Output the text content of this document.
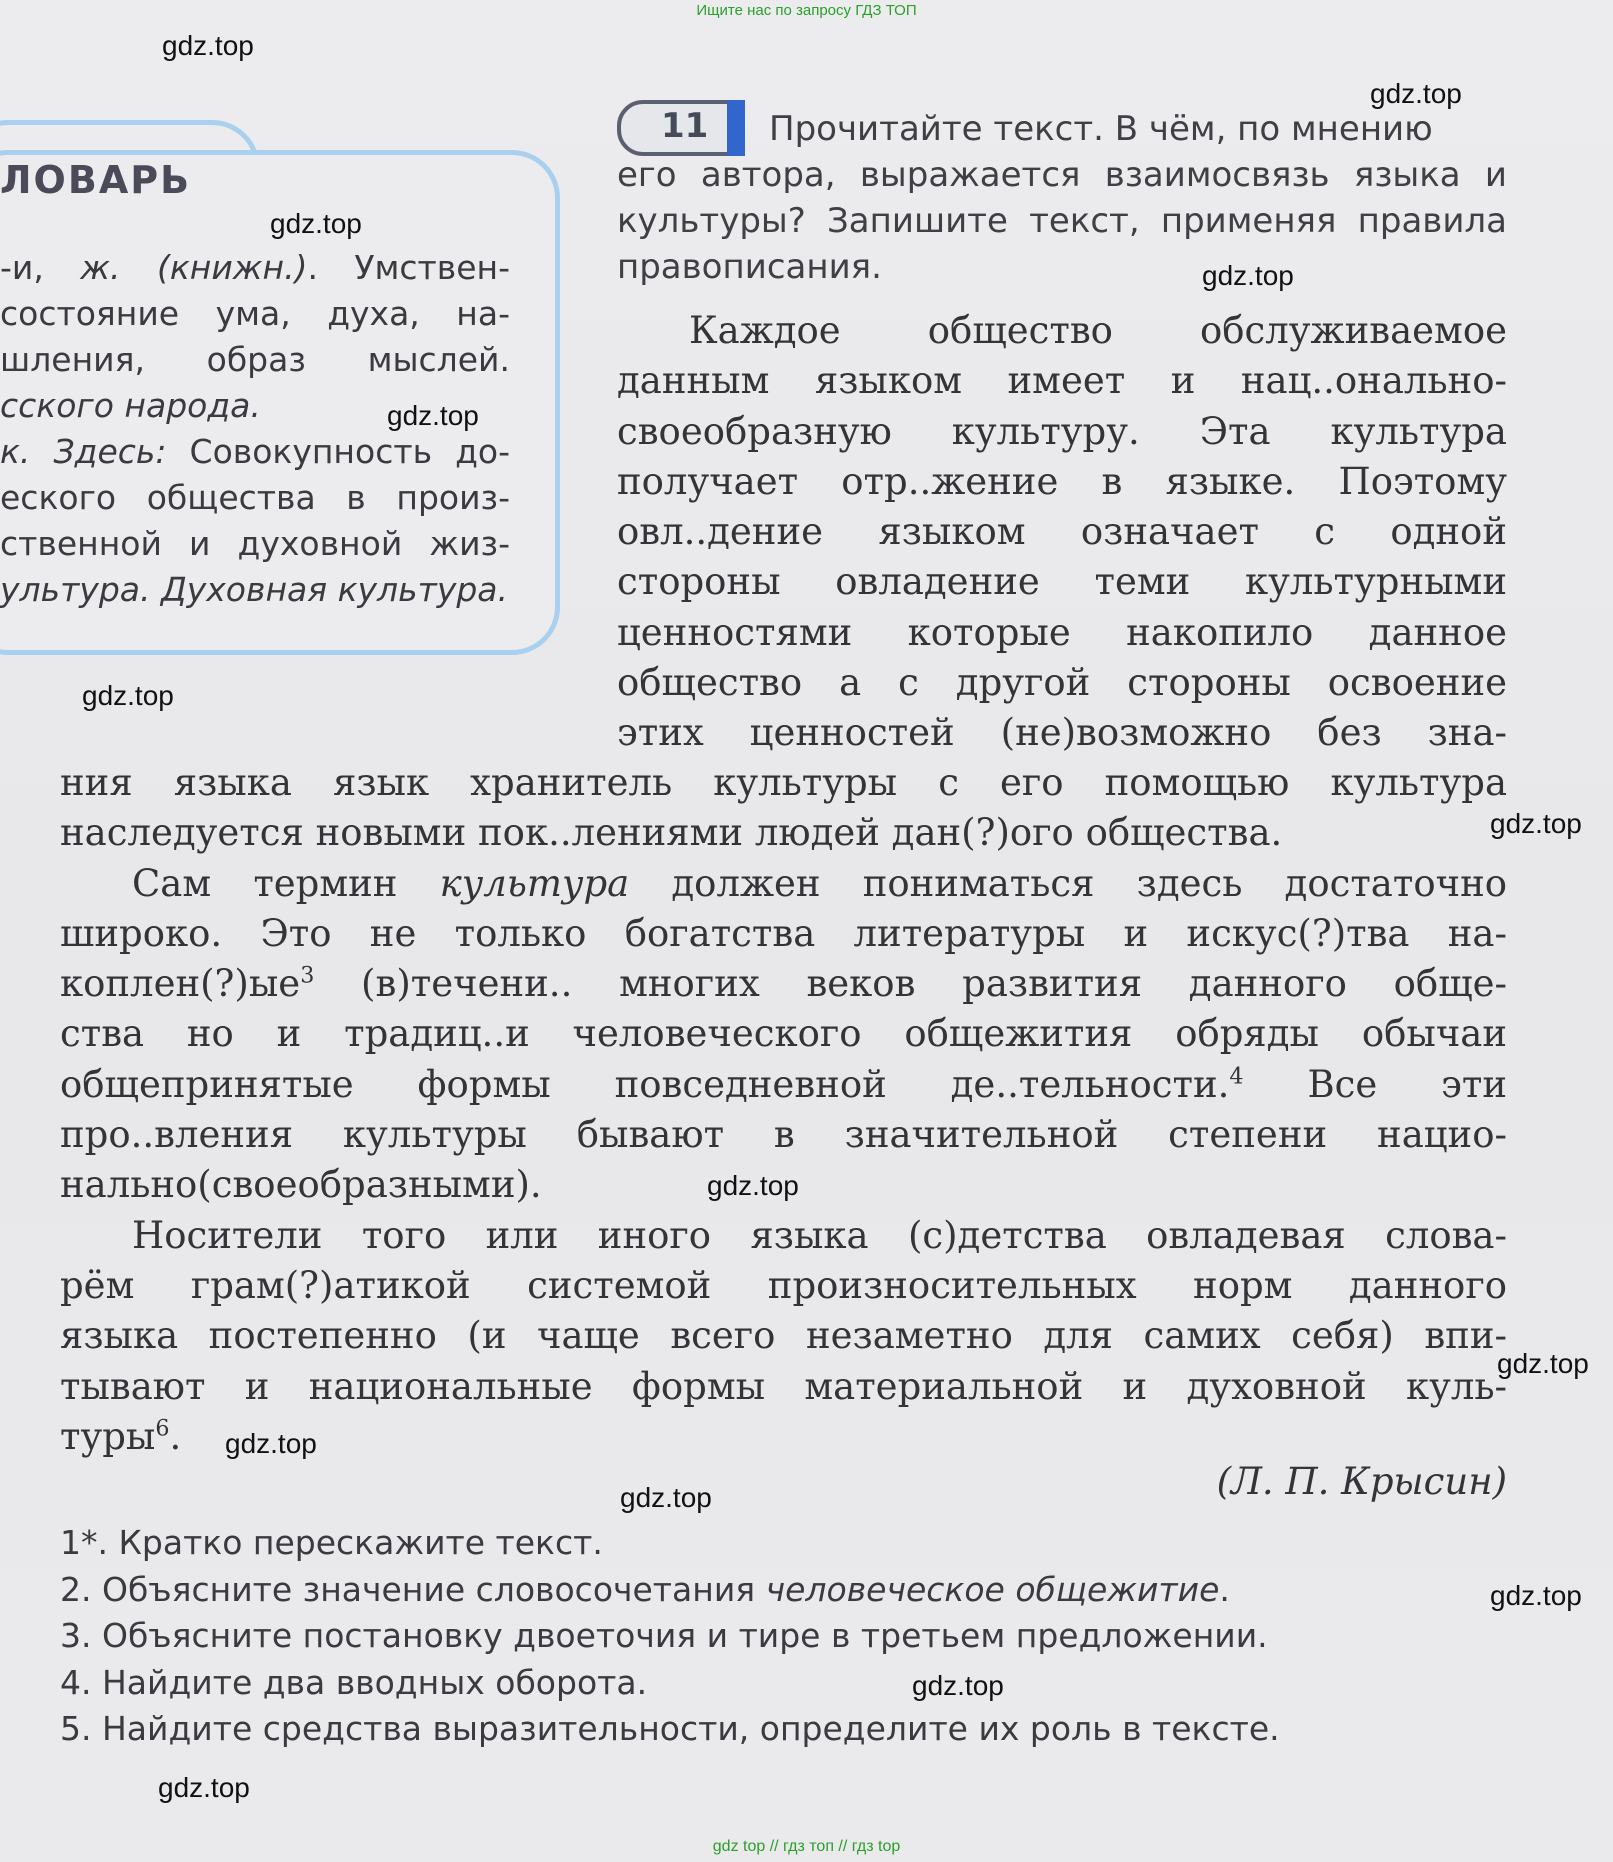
Ищите нас по запросу ГДЗ ТОП
ЛОВАРЬ
-и, ж. (книжн.). Умствен-
состояние ума, духа, на-
шления, образ мыслей.
сского народа.
к. Здесь: Совокупность до-
еского общества в произ-
ственной и духовной жиз-
ультура. Духовная культура.
11	Прочитайте текст. В чём, по мнению
его автора, выражается взаимосвязь языка и
культуры? Запишите текст, применяя правила
правописания.
Каждое общество обслуживаемое
данным языком имеет и нац..онально-
своеобразную культуру. Эта культура
получает отр..жение в языке. Поэтому
овл..дение языком означает с одной
стороны овладение теми культурными
ценностями которые накопило данное
общество а с другой стороны освоение
этих ценностей (не)возможно без зна-
ния языка язык хранитель культуры с его помощью культура
наследуется новыми пок..лениями людей дан(?)ого общества.
Сам термин культура должен пониматься здесь достаточно
широко. Это не только богатства литературы и искус(?)тва на-
$коплен(?)ые^3$ (в)течени.. многих веков развития данного обще-
ства но и традиц..и человеческого общежития обряды обычаи
общепринятые формы повседневной де..тельности.$^4$ Все эти
про..вления культуры бывают в значительной степени нацио-
нально(своеобразными).
Носители того или иного языка (с)детства овладевая слова-
рём грам(?)атикой системой произносительных норм данного
языка постепенно (и чаще всего незаметно для самих себя) впи-
тывают и национальные формы материальной и духовной куль-
туры$^6$.
(Л. П. Крысин)
1*. Кратко перескажите текст.
2. Объясните значение словосочетания человеческое общежитие.
3. Объясните постановку двоеточия и тире в третьем предложении.
4. Найдите два вводных оборота.
5. Найдите средства выразительности, определите их роль в тексте.
gdz.top
gdz.top
gdz.top
gdz.top
gdz.top
gdz.top
gdz.top
gdz.top
gdz.top
gdz.top
gdz.top
gdz.top
gdz.top
gdz.top
gdz top // гдз топ // гдз top
